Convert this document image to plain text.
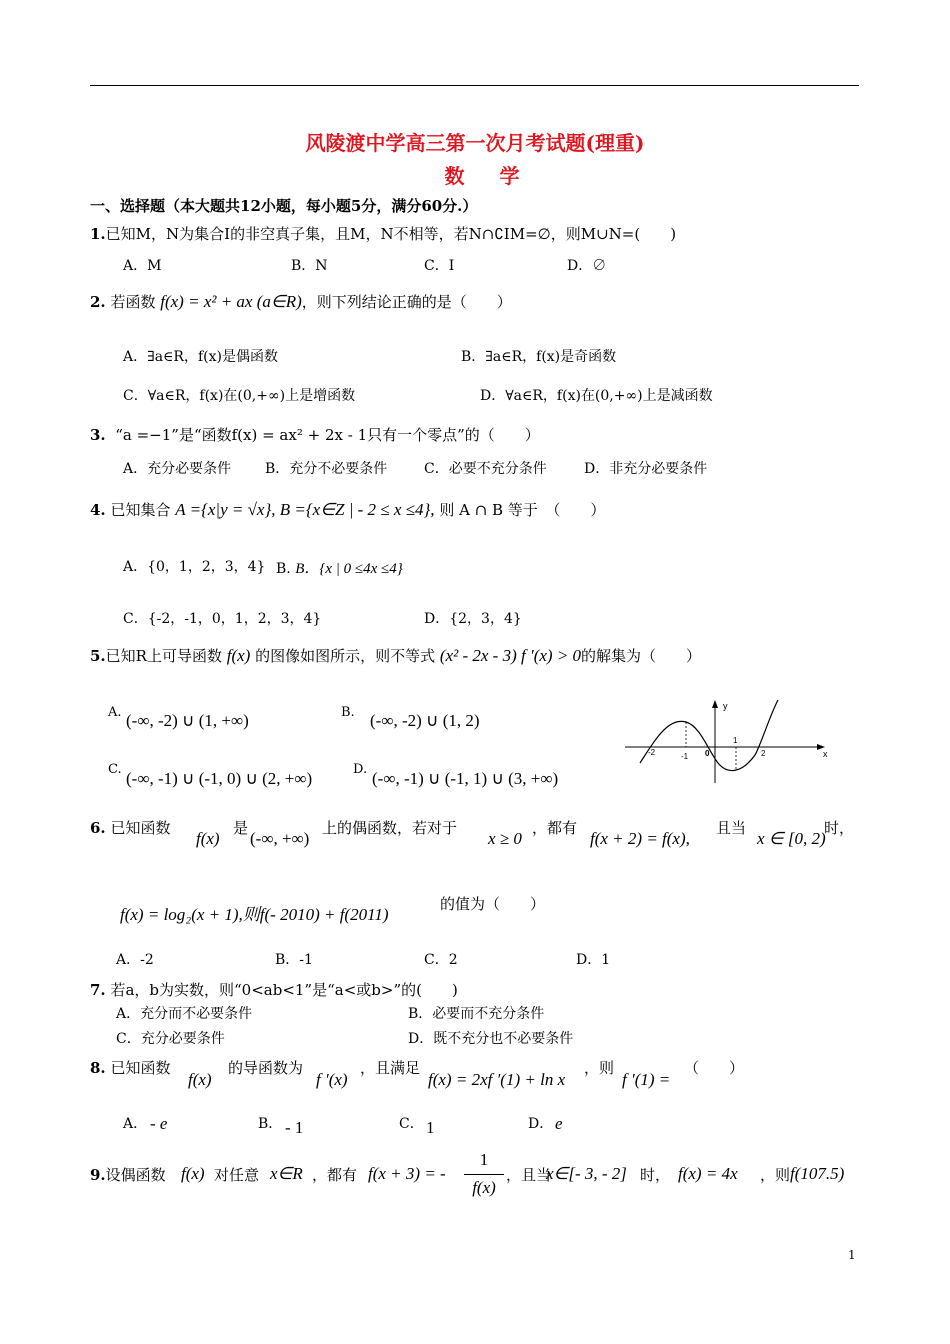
风陵渡中学高三第一次月考试题(理重)
数 学
一、选择题（本大题共12小题，每小题5分，满分60分.）
1.已知M，N为集合I的非空真子集，且M，N不相等，若N∩∁IM=∅，则M∪N=(　　)
A．M	B．N	C．I	D．∅
2. 若函数 f(x) = x² + ax (a∈R)，则下列结论正确的是（　　）
A．∃a∈R，f(x)是偶函数	B．∃a∈R，f(x)是奇函数
C．∀a∈R，f(x)在(0,+∞)上是增函数	D．∀a∈R，f(x)在(0,+∞)上是减函数
3. “a =−1”是“函数f(x) = ax² + 2x - 1只有一个零点”的（　　）
A．充分必要条件 B．充分不必要条件	C．必要不充分条件	D．非充分必要条件
4. 已知集合 A ={x|y = √x}, B ={x∈Z | - 2 ≤ x ≤4}, 则 A ∩ B 等于　（　　）
A．{0，1，2，3，4} B. B．{x | 0 ≤4x ≤4}
C．{-2，-1，0，1，2，3，4}	D．{2，3，4}
5.已知R上可导函数 f(x) 的图像如图所示，则不等式 (x² - 2x - 3) f ′(x) > 0的解集为（　　）
A. (-∞, -2) ∪ (1, +∞)	B. (-∞, -2) ∪ (1, 2)
C. (-∞, -1) ∪ (-1, 0) ∪ (2, +∞)	D. (-∞, -1) ∪ (-1, 1) ∪ (3, +∞)
y
x
-2	-1 0
1
2
6. 已知函数
f(x)
是
(-∞, +∞)
上的偶函数，若对于
x ≥ 0
，都有
f(x + 2) = f(x),
且当
x ∈ [0, 2)
时，
f(x) = log₂(x + 1),则f(- 2010) + f(2011)
的值为（　　）
A．-2	B．-1	C．2	D．1
7. 若a，b为实数，则“0<ab<1”是“a<或b>”的(　　)
A．充分而不必要条件	B．必要而不充分条件
C．充分必要条件	D．既不充分也不必要条件
8. 已知函数
f(x)
的导函数为
f ′(x)
，且满足
f(x) = 2xf ′(1) + ln x
，则
f ′(1) =
（　　）
A． - e	B． - 1	C． 1	D． e
9.设偶函数 f(x) 对任意 x∈R ，都有 f(x + 3) = -
1
f(x)
，且当
x∈[- 3, - 2] 时， f(x) = 4x ，则 f(107.5)
1
